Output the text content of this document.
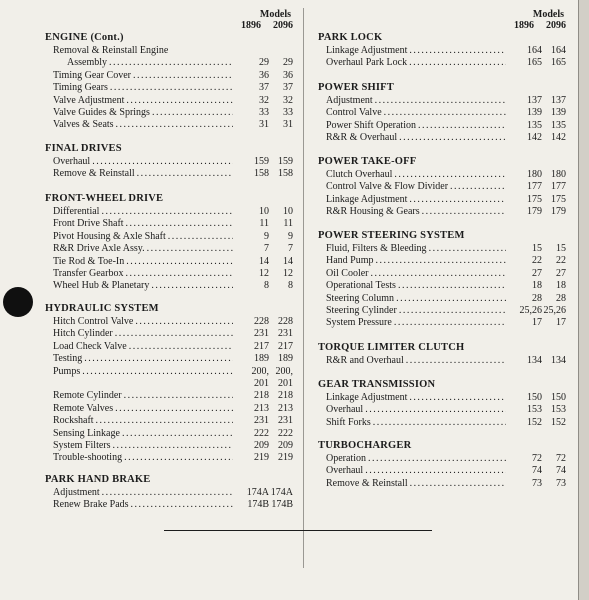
Models
1896	2096
Models
1896	2096
ENGINE (Cont.)
Removal & Reinstall Engine
Assembly .....	29	29
Timing Gear Cover .....	36	36
Timing Gears .....	37	37
Valve Adjustment .....	32	32
Valve Guides & Springs .....	33	33
Valves & Seats .....	31	31
FINAL DRIVES
Overhaul .....	159 159
Remove & Reinstall .....	158 158
FRONT-WHEEL DRIVE
Differential .....	10	10
Front Drive Shaft .....	11	11
Pivot Housing & Axle Shaft .....	9	9
R&R Drive Axle Assy. .....	7	7
Tie Rod & Toe-In .....	14	14
Transfer Gearbox .....	12	12
Wheel Hub & Planetary .....	8	8
HYDRAULIC SYSTEM
Hitch Control Valve .....	228 228
Hitch Cylinder .....	231 231
Load Check Valve .....	217 217
Testing .....	189 189
Pumps .....	200, 200,
201 201
Remote Cylinder .....	218 218
Remote Valves .....	213 213
Rockshaft .....	231 231
Sensing Linkage .....	222 222
System Filters .....	209 209
Trouble-shooting .....	219 219
PARK HAND BRAKE
Adjustment .....	174A 174A
Renew Brake Pads .....	174B 174B
PARK LOCK
Linkage Adjustment .....	164 164
Overhaul Park Lock .....	165 165
POWER SHIFT
Adjustment .....	137 137
Control Valve .....	139 139
Power Shift Operation .....	135 135
R&R & Overhaul .....	142 142
POWER TAKE-OFF
Clutch Overhaul .....	180 180
Control Valve & Flow Divider .....	177 177
Linkage Adjustment .....	175 175
R&R Housing & Gears .....	179 179
POWER STEERING SYSTEM
Fluid, Filters & Bleeding .....	15	15
Hand Pump .....	22	22
Oil Cooler .....	27	27
Operational Tests .....	18	18
Steering Column .....	28	28
Steering Cylinder .....	25,26 25,26
System Pressure .....	17	17
TORQUE LIMITER CLUTCH
R&R and Overhaul .....	134 134
GEAR TRANSMISSION
Linkage Adjustment .....	150 150
Overhaul .....	153 153
Shift Forks .....	152 152
TURBOCHARGER
Operation .....	72	72
Overhaul .....	74	74
Remove & Reinstall .....	73	73
